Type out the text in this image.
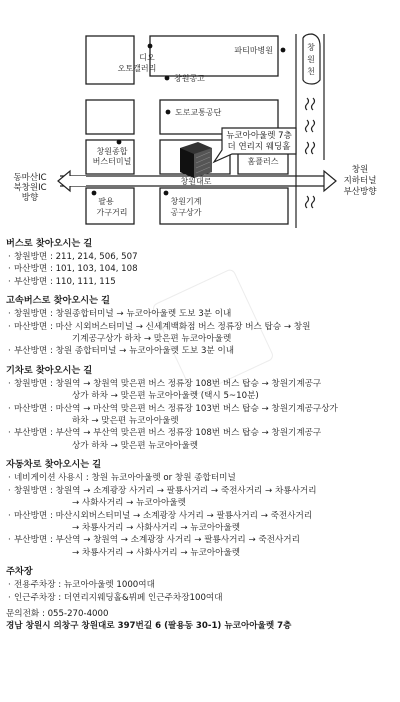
디오
오토갤러리
파티마병원
창원공고
도로교통공단
창
원
천
뉴코아아울렛 7층
더 연리지 웨딩홀
창원종합
버스터미널	홈플러스
동마산IC
북창원IC
방향
창원대로
창원
지하터널
부산방향
팔용
가구거리
창원기계
공구상가
버스로 찾아오시는 길
· 창원방면 : 211, 214, 506, 507
· 마산방면 : 101, 103, 104, 108
· 부산방면 : 110, 111, 115
고속버스로 찾아오시는 길
· 창원방면 : 창원종합터미널 → 뉴코아아울렛 도보 3분 이내
· 마산방면 : 마산 시외버스터미널 → 신세계백화점 버스 정류장 버스 탑승 → 창원
기계공구상가 하차 → 맞은편 뉴코아아울렛
· 부산방면 : 창원 종합터미널 → 뉴코아아울렛 도보 3분 이내
기차로 찾아오시는 길
· 창원방면 : 창원역 → 창원역 맞은편 버스 정류장 108번 버스 탑승 → 창원기계공구
상가 하차 → 맞은편 뉴코아아울렛 (택시 5~10분)
· 마산방면 : 마산역 → 마산역 맞은편 버스 정류장 103번 버스 탑승 → 창원기계공구상가
하차 → 맞은편 뉴코아아울렛
· 부산방면 : 부산역 → 부산역 맞은편 버스 정류장 108번 버스 탑승 → 창원기계공구
상가 하차 → 맞은편 뉴코아아울렛
자동차로 찾아오시는 길
· 네비게이션 사용시 : 창원 뉴코아아울렛 or 창원 종합터미널
· 창원방면 : 창원역 → 소계광장 사거리 → 팔룡사거리 → 죽전사거리 → 차룡사거리
→ 사화사거리 → 뉴코아아울렛
· 마산방면 : 마산시외버스터미널 → 소계광장 사거리 → 팔룡사거리 → 죽전사거리
→ 차룡사거리 → 사화사거리 → 뉴코아아울렛
· 부산방면 : 부산역 → 창원역 → 소계광장 사거리 → 팔룡사거리 → 죽전사거리
→ 차룡사거리 → 사화사거리 → 뉴코아아울렛
주차장
· 전용주차장 : 뉴코아아울렛 1000여대
· 인근주차장 : 더연리지웨딩홀&뷔페 인근주차장100여대
문의전화 : 055-270-4000
경남 창원시 의창구 창원대로 397번길 6 (팔용동 30-1) 뉴코아아울렛 7층
